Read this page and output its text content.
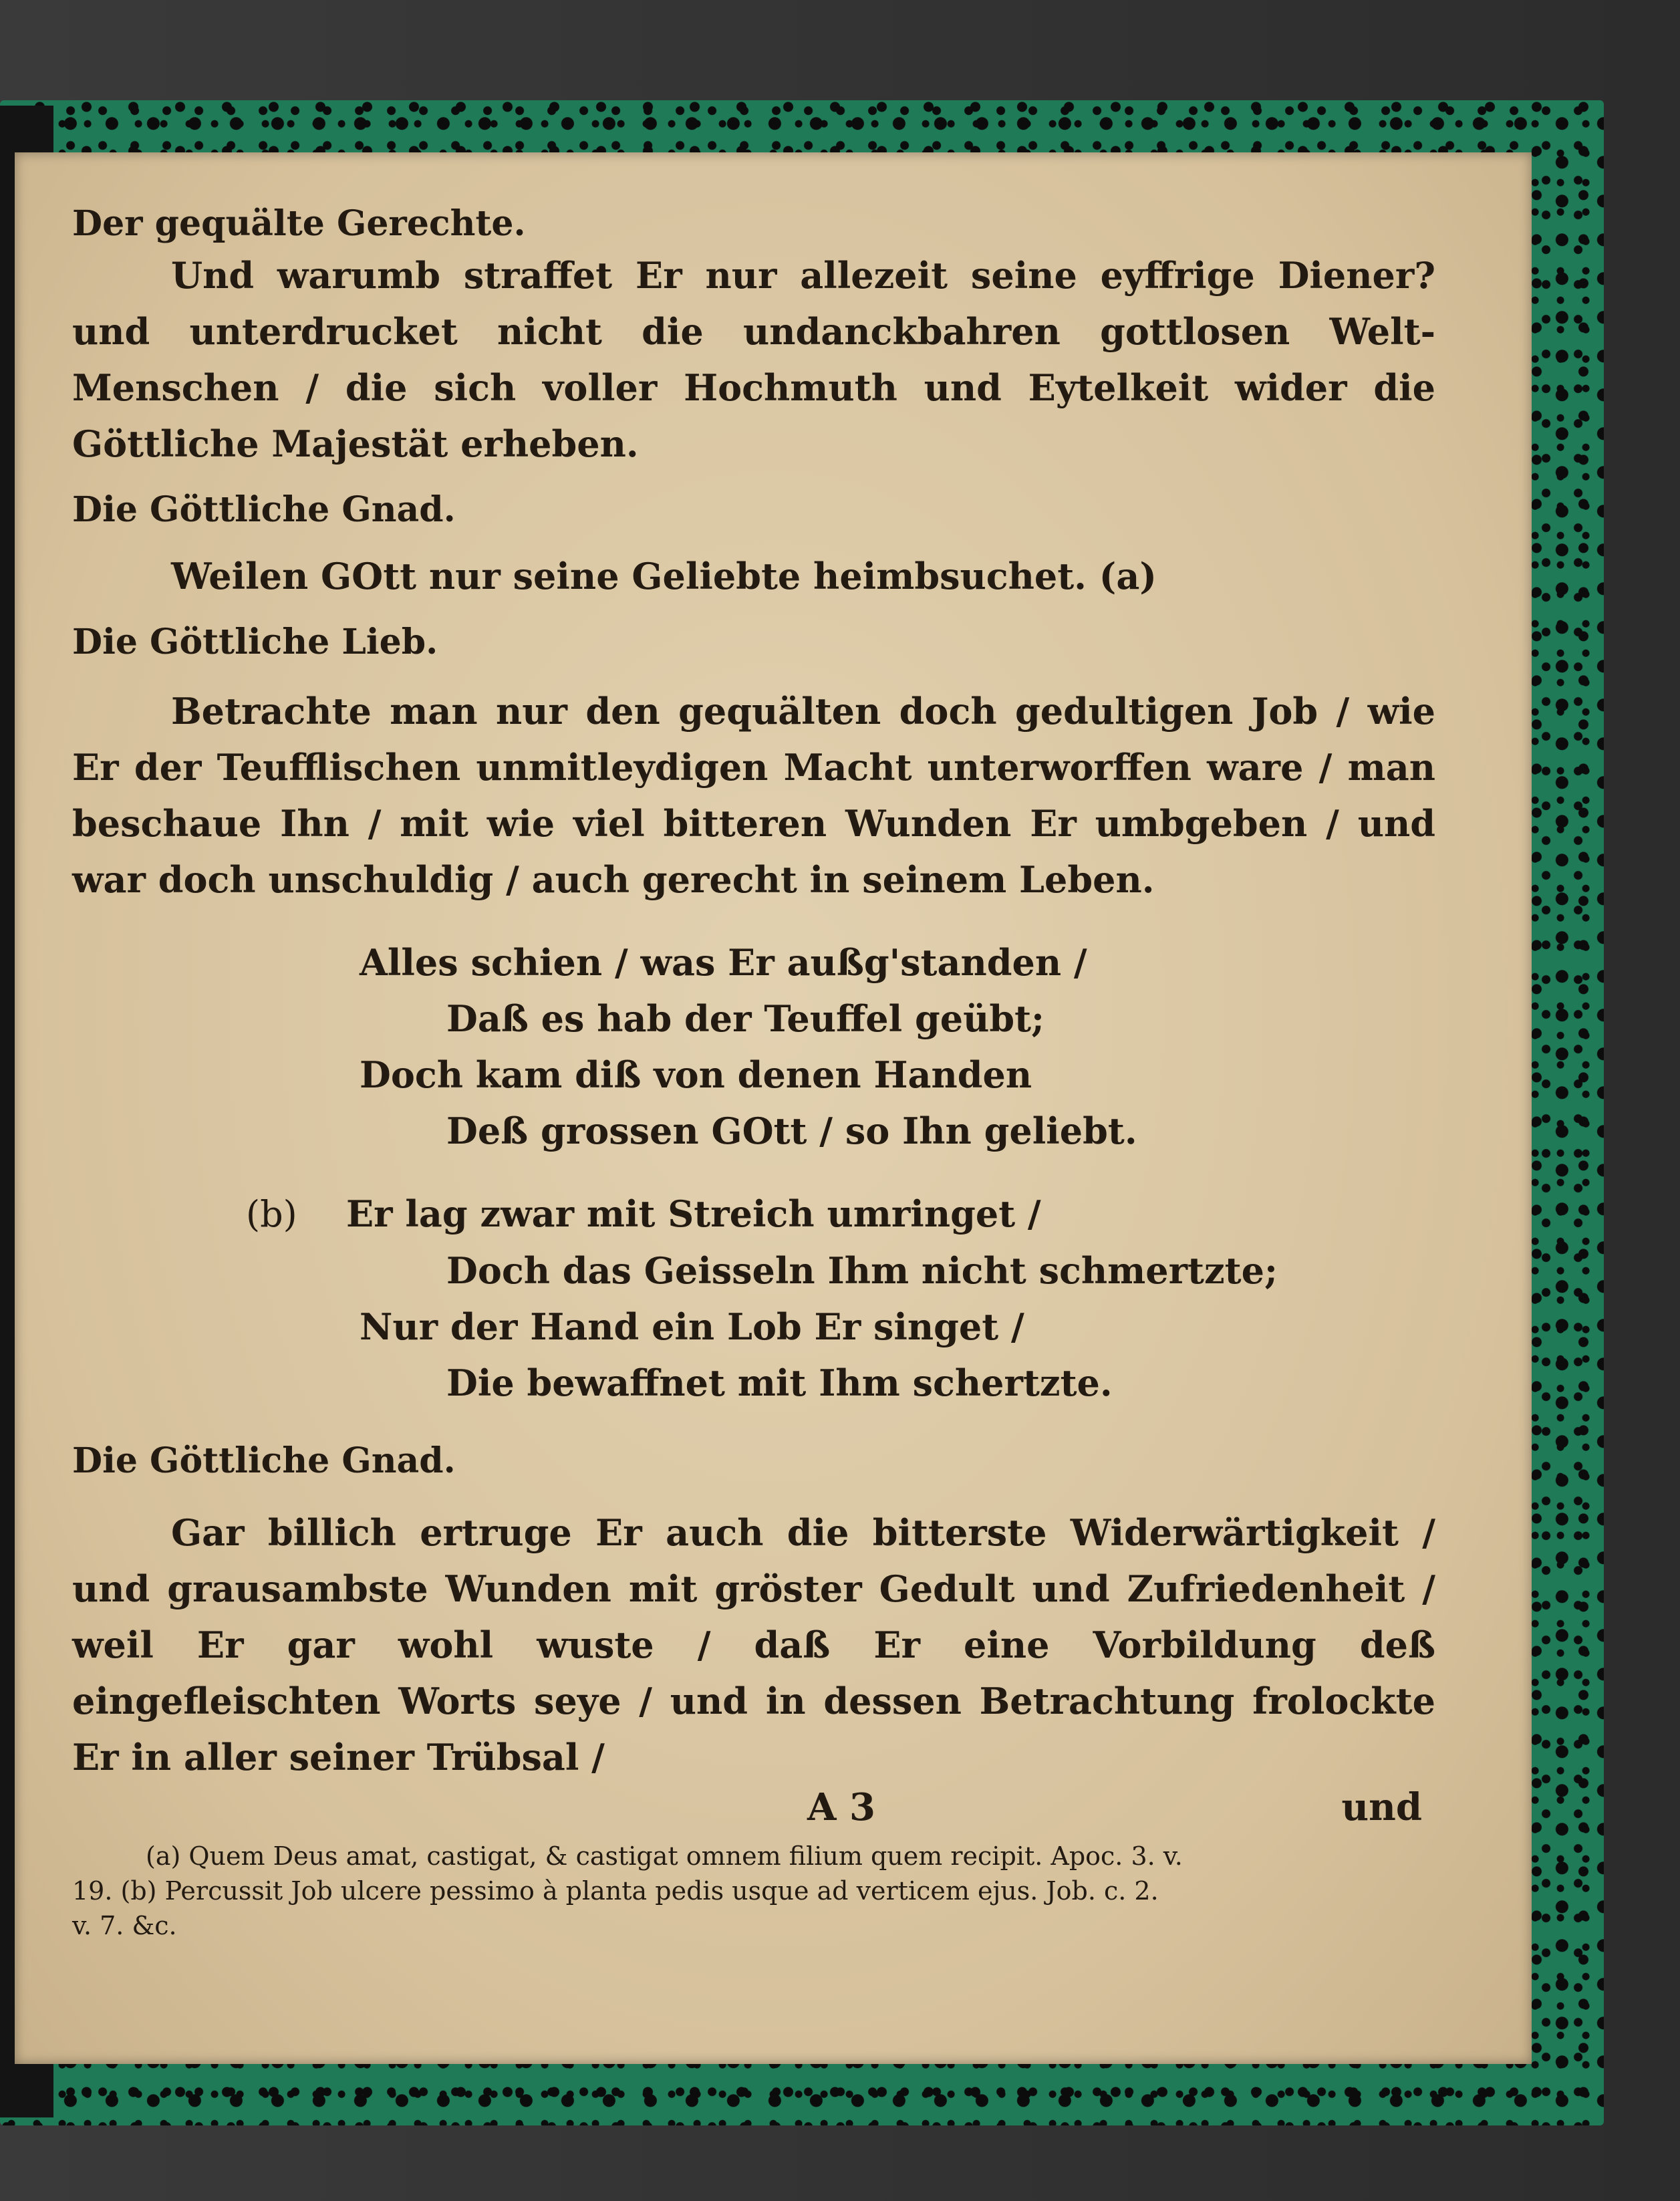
Der gequälte Gerechte.

Und warumb straffet Er nur allezeit seine eyffrige Diener? und unterdrucket nicht die undanckbahren gottlosen Welt-Menschen / die sich voller Hochmuth und Eytelkeit wider die Göttliche Majestät erheben.

Die Göttliche Gnad.

Weilen GOtt nur seine Geliebte heimbsuchet. (a)

Die Göttliche Lieb.

Betrachte man nur den gequälten doch gedultigen Job / wie Er der Teufflischen unmitleydigen Macht unterworffen ware / man beschaue Ihn / mit wie viel bitteren Wunden Er umbgeben / und war doch unschuldig / auch gerecht in seinem Leben.

Alles schien / was Er außg'standen /
Daß es hab der Teuffel geübt;
Doch kam diß von denen Handen
Deß grossen GOtt / so Ihn geliebt.
(b) Er lag zwar mit Streich umringet /
Doch das Geisseln Ihm nicht schmertzte;
Nur der Hand ein Lob Er singet /
Die bewaffnet mit Ihm schertzte.

Die Göttliche Gnad.

Gar billich ertruge Er auch die bitterste Widerwärtigkeit / und grausambste Wunden mit gröster Gedult und Zufriedenheit / weil Er gar wohl wuste / daß Er eine Vorbildung deß eingefleischten Worts seye / und in dessen Betrachtung frolockte Er in aller seiner Trübsal /

A 3	und
(a) Quem Deus amat, castigat, & castigat omnem filium quem recipit. Apoc. 3. v.
19. (b) Percussit Job ulcere pessimo à planta pedis usque ad verticem ejus. Job. c. 2.
v. 7. &c.
